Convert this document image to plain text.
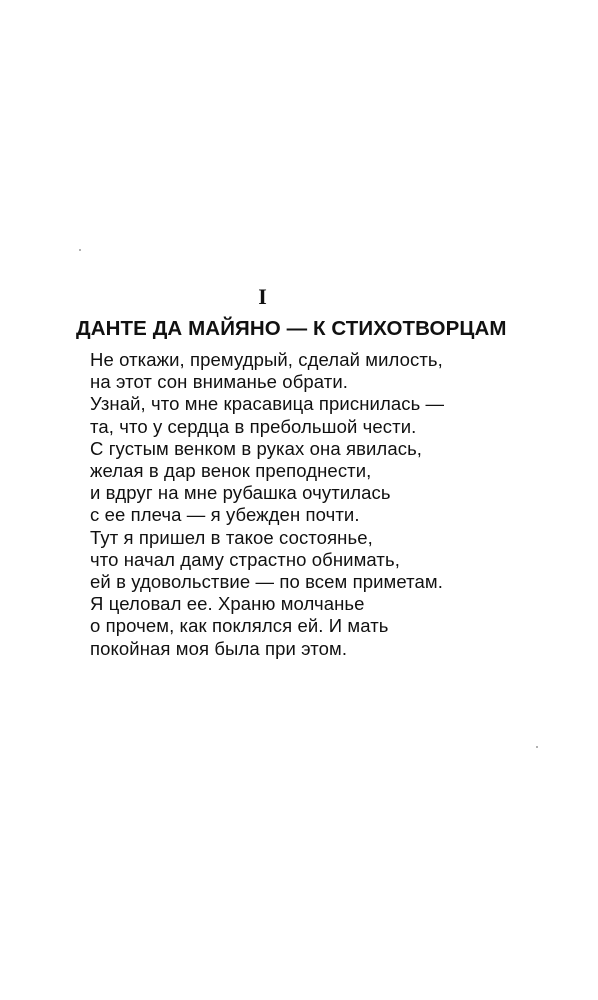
I
ДАНТЕ ДА МАЙЯНО — К СТИХОТВОРЦАМ
Не откажи, премудрый, сделай милость,
на этот сон вниманье обрати.
Узнай, что мне красавица приснилась —
та, что у сердца в пребольшой чести.
С густым венком в руках она явилась,
желая в дар венок преподнести,
и вдруг на мне рубашка очутилась
с ее плеча — я убежден почти.
Тут я пришел в такое состоянье,
что начал даму страстно обнимать,
ей в удовольствие — по всем приметам.
Я целовал ее. Храню молчанье
о прочем, как поклялся ей. И мать
покойная моя была при этом.
